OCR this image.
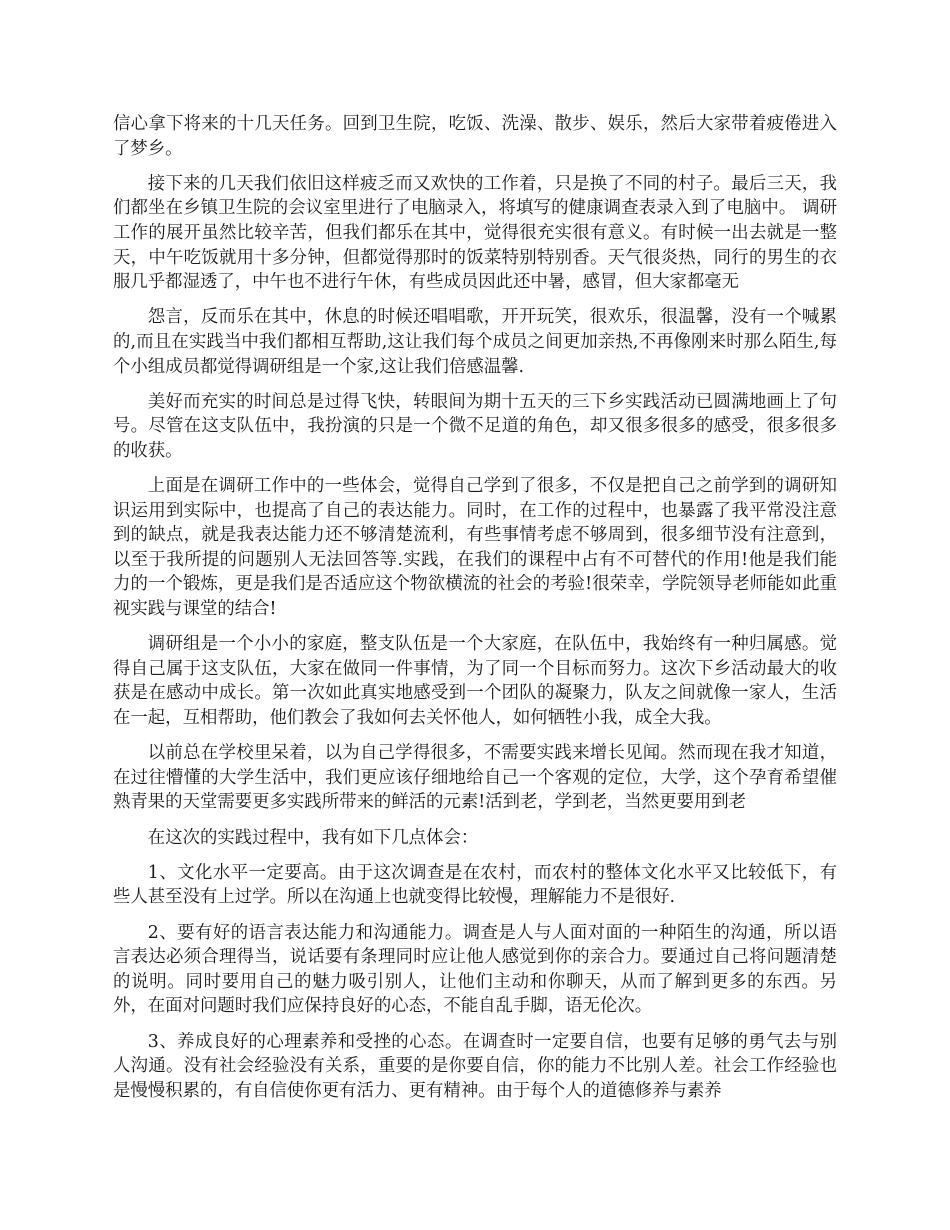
信心拿下将来的十几天任务。回到卫生院，吃饭、洗澡、散步、娱乐，然后大家带着疲倦进入了梦乡。

接下来的几天我们依旧这样疲乏而又欢快的工作着，只是换了不同的村子。最后三天，我们都坐在乡镇卫生院的会议室里进行了电脑录入，将填写的健康调查表录入到了电脑中。 调研工作的展开虽然比较辛苦，但我们都乐在其中，觉得很充实很有意义。有时候一出去就是一整天，中午吃饭就用十多分钟，但都觉得那时的饭菜特别特别香。天气很炎热，同行的男生的衣服几乎都湿透了，中午也不进行午休，有些成员因此还中暑，感冒，但大家都毫无

怨言，反而乐在其中，休息的时候还唱唱歌，开开玩笑，很欢乐，很温馨，没有一个喊累的,而且在实践当中我们都相互帮助,这让我们每个成员之间更加亲热,不再像刚来时那么陌生,每个小组成员都觉得调研组是一个家,这让我们倍感温馨.

美好而充实的时间总是过得飞快，转眼间为期十五天的三下乡实践活动已圆满地画上了句号。尽管在这支队伍中，我扮演的只是一个微不足道的角色，却又很多很多的感受，很多很多的收获。

上面是在调研工作中的一些体会，觉得自己学到了很多，不仅是把自己之前学到的调研知识运用到实际中，也提高了自己的表达能力。同时，在工作的过程中，也暴露了我平常没注意到的缺点，就是我表达能力还不够清楚流利，有些事情考虑不够周到，很多细节没有注意到，以至于我所提的问题别人无法回答等.实践，在我们的课程中占有不可替代的作用!他是我们能力的一个锻炼，更是我们是否适应这个物欲横流的社会的考验!很荣幸，学院领导老师能如此重视实践与课堂的结合!

调研组是一个小小的家庭，整支队伍是一个大家庭，在队伍中，我始终有一种归属感。觉得自己属于这支队伍，大家在做同一件事情，为了同一个目标而努力。这次下乡活动最大的收获是在感动中成长。第一次如此真实地感受到一个团队的凝聚力，队友之间就像一家人，生活在一起，互相帮助，他们教会了我如何去关怀他人，如何牺牲小我，成全大我。

以前总在学校里呆着，以为自己学得很多，不需要实践来增长见闻。然而现在我才知道，在过往懵懂的大学生活中，我们更应该仔细地给自己一个客观的定位，大学，这个孕育希望催熟青果的天堂需要更多实践所带来的鲜活的元素!活到老，学到老，当然更要用到老

在这次的实践过程中，我有如下几点体会：

1、文化水平一定要高。由于这次调查是在农村，而农村的整体文化水平又比较低下，有些人甚至没有上过学。所以在沟通上也就变得比较慢，理解能力不是很好.

2、要有好的语言表达能力和沟通能力。调查是人与人面对面的一种陌生的沟通，所以语言表达必须合理得当，说话要有条理同时应让他人感觉到你的亲合力。要通过自己将问题清楚的说明。同时要用自己的魅力吸引别人，让他们主动和你聊天，从而了解到更多的东西。另外，在面对问题时我们应保持良好的心态，不能自乱手脚，语无伦次。

3、养成良好的心理素养和受挫的心态。在调查时一定要自信，也要有足够的勇气去与别人沟通。没有社会经验没有关系，重要的是你要自信，你的能力不比别人差。社会工作经验也是慢慢积累的，有自信使你更有活力、更有精神。由于每个人的道德修养与素养
